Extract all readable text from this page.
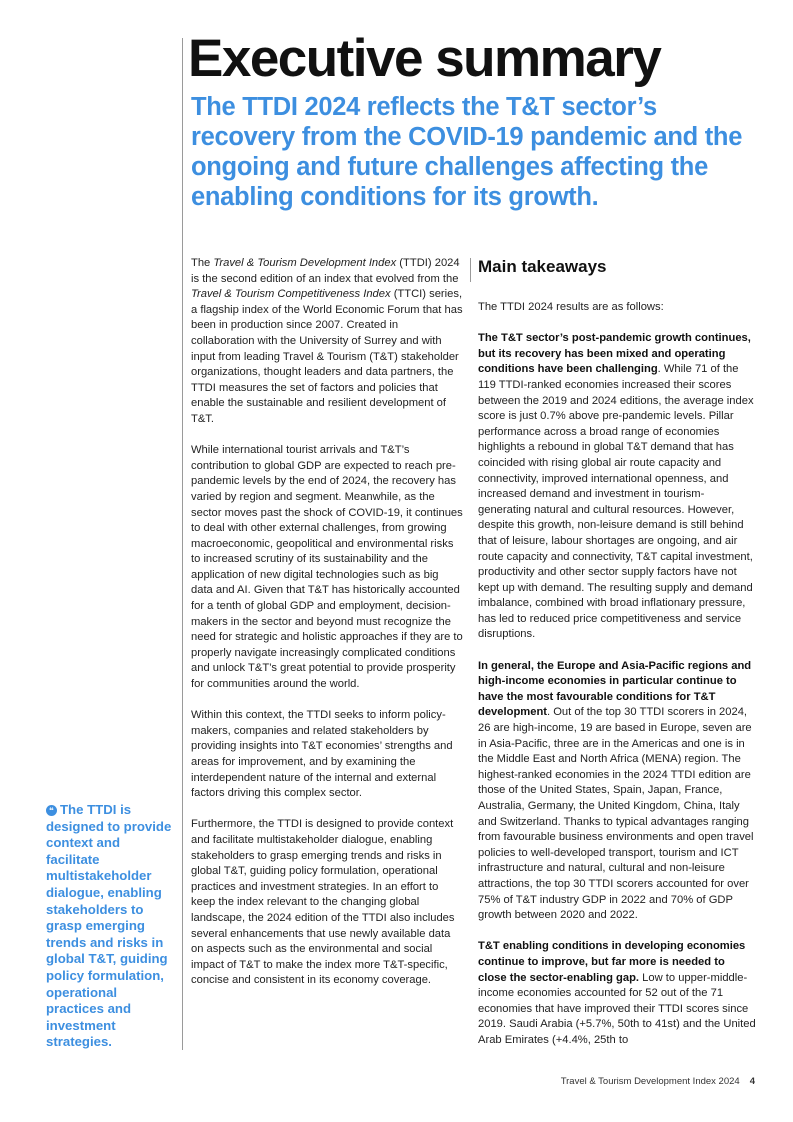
Executive summary
The TTDI 2024 reflects the T&T sector’s recovery from the COVID-19 pandemic and the ongoing and future challenges affecting the enabling conditions for its growth.

The Travel & Tourism Development Index (TTDI) 2024 is the second edition of an index that evolved from the Travel & Tourism Competitiveness Index (TTCI) series, a flagship index of the World Economic Forum that has been in production since 2007. Created in collaboration with the University of Surrey and with input from leading Travel & Tourism (T&T) stakeholder organizations, thought leaders and data partners, the TTDI measures the set of factors and policies that enable the sustainable and resilient development of T&T.

While international tourist arrivals and T&T’s contribution to global GDP are expected to reach pre-pandemic levels by the end of 2024, the recovery has varied by region and segment. Meanwhile, as the sector moves past the shock of COVID-19, it continues to deal with other external challenges, from growing macroeconomic, geopolitical and environmental risks to increased scrutiny of its sustainability and the application of new digital technologies such as big data and AI. Given that T&T has historically accounted for a tenth of global GDP and employment, decision-makers in the sector and beyond must recognize the need for strategic and holistic approaches if they are to properly navigate increasingly complicated conditions and unlock T&T’s great potential to provide prosperity for communities around the world.

Within this context, the TTDI seeks to inform policy-makers, companies and related stakeholders by providing insights into T&T economies’ strengths and areas for improvement, and by examining the interdependent nature of the internal and external factors driving this complex sector.

Furthermore, the TTDI is designed to provide context and facilitate multistakeholder dialogue, enabling stakeholders to grasp emerging trends and risks in global T&T, guiding policy formulation, operational practices and investment strategies. In an effort to keep the index relevant to the changing global landscape, the 2024 edition of the TTDI also includes several enhancements that use newly available data on aspects such as the environmental and social impact of T&T to make the index more T&T-specific, concise and consistent in its economy coverage.

Main takeaways

The TTDI 2024 results are as follows:

The T&T sector’s post-pandemic growth continues, but its recovery has been mixed and operating conditions have been challenging. While 71 of the 119 TTDI-ranked economies increased their scores between the 2019 and 2024 editions, the average index score is just 0.7% above pre-pandemic levels. Pillar performance across a broad range of economies highlights a rebound in global T&T demand that has coincided with rising global air route capacity and connectivity, improved international openness, and increased demand and investment in tourism-generating natural and cultural resources. However, despite this growth, non-leisure demand is still behind that of leisure, labour shortages are ongoing, and air route capacity and connectivity, T&T capital investment, productivity and other sector supply factors have not kept up with demand. The resulting supply and demand imbalance, combined with broad inflationary pressure, has led to reduced price competitiveness and service disruptions.

In general, the Europe and Asia-Pacific regions and high-income economies in particular continue to have the most favourable conditions for T&T development. Out of the top 30 TTDI scorers in 2024, 26 are high-income, 19 are based in Europe, seven are in Asia-Pacific, three are in the Americas and one is in the Middle East and North Africa (MENA) region. The highest-ranked economies in the 2024 TTDI edition are those of the United States, Spain, Japan, France, Australia, Germany, the United Kingdom, China, Italy and Switzerland. Thanks to typical advantages ranging from favourable business environments and open travel policies to well-developed transport, tourism and ICT infrastructure and natural, cultural and non-leisure attractions, the top 30 TTDI scorers accounted for over 75% of T&T industry GDP in 2022 and 70% of GDP growth between 2020 and 2022.

T&T enabling conditions in developing economies continue to improve, but far more is needed to close the sector-enabling gap. Low to upper-middle-income economies accounted for 52 out of the 71 economies that have improved their TTDI scores since 2019. Saudi Arabia (+5.7%, 50th to 41st) and the United Arab Emirates (+4.4%, 25th to

❝ The TTDI is designed to provide context and facilitate multistakeholder dialogue, enabling stakeholders to grasp emerging trends and risks in global T&T, guiding policy formulation, operational practices and investment strategies.
Travel & Tourism Development Index 2024 4
